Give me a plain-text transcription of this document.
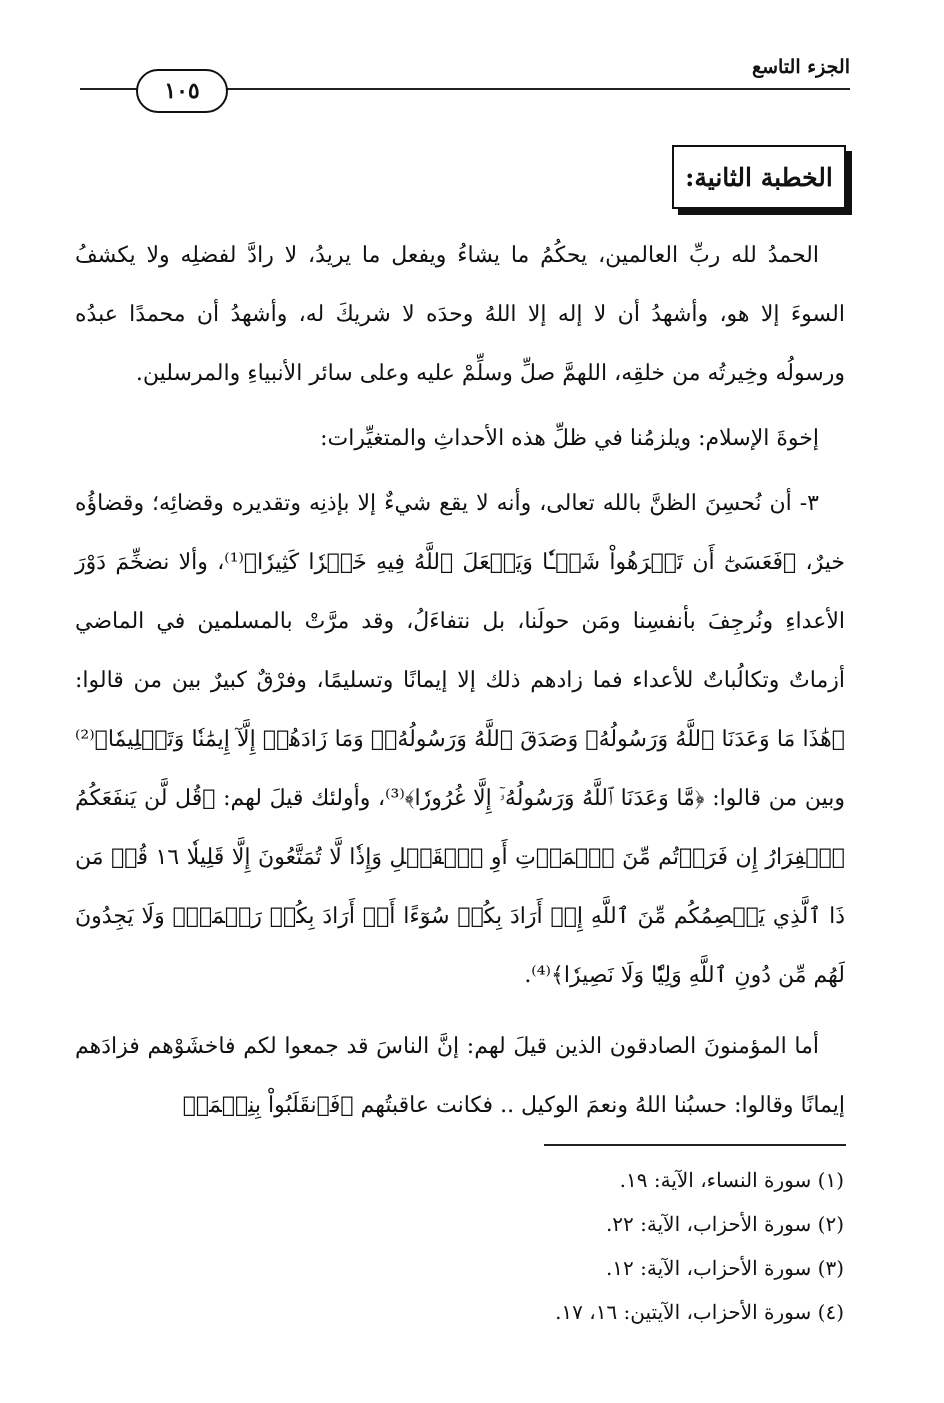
الجزء التاسع
١٠٥
الخطبة الثانية:

الحمدُ لله ربِّ العالمين، يحكُمُ ما يشاءُ ويفعل ما يريدُ، لا رادَّ لفضلِه ولا يكشفُ السوءَ إلا هو، وأشهدُ أن لا إله إلا اللهُ وحدَه لا شريكَ له، وأشهدُ أن محمدًا عبدُه ورسولُه وخِيرتُه من خلقِه، اللهمَّ صلِّ وسلِّمْ عليه وعلى سائر الأنبياءِ والمرسلين.

إخوةَ الإسلام: ويلزمُنا في ظلِّ هذه الأحداثِ والمتغيِّرات:

٣- أن نُحسِنَ الظنَّ بالله تعالى، وأنه لا يقع شيءٌ إلا بإذنِه وتقديره وقضائِه؛ وقضاؤُه خيرٌ، ﴿فَعَسَىٰٓ أَن تَكۡرَهُواْ شَيۡـٔٗا وَيَجۡعَلَ ٱللَّهُ فِيهِ خَيۡرٗا كَثِيرٗا﴾⁽¹⁾، وألا نضخِّمَ دَوْرَ الأعداءِ ونُرجِفَ بأنفسِنا ومَن حولَنا، بل نتفاءَلُ، وقد مرَّتْ بالمسلمين في الماضي أزماتٌ وتكالُباتٌ للأعداء فما زادهم ذلك إلا إيمانًا وتسليمًا، وفرْقٌ كبيرٌ بين من قالوا: ﴿هَٰذَا مَا وَعَدَنَا ٱللَّهُ وَرَسُولُهُۥ وَصَدَقَ ٱللَّهُ وَرَسُولُهُۥۚ وَمَا زَادَهُمۡ إِلَّآ إِيمَٰنٗا وَتَسۡلِيمٗا﴾⁽²⁾ وبين من قالوا: ﴿مَّا وَعَدَنَا ٱللَّهُ وَرَسُولُهُۥٓ إِلَّا غُرُورٗا﴾⁽³⁾، وأولئك قيلَ لهم: ﴿قُل لَّن يَنفَعَكُمُ ٱلۡفِرَارُ إِن فَرَرۡتُم مِّنَ ٱلۡمَوۡتِ أَوِ ٱلۡقَتۡلِ وَإِذٗا لَّا تُمَتَّعُونَ إِلَّا قَلِيلٗا ١٦ قُلۡ مَن ذَا ٱلَّذِي يَعۡصِمُكُم مِّنَ ٱللَّهِ إِنۡ أَرَادَ بِكُمۡ سُوٓءًا أَوۡ أَرَادَ بِكُمۡ رَحۡمَةٗۚ وَلَا يَجِدُونَ لَهُم مِّن دُونِ ٱللَّهِ وَلِيّٗا وَلَا نَصِيرٗا﴾⁽⁴⁾.

أما المؤمنونَ الصادقون الذين قيلَ لهم: إنَّ الناسَ قد جمعوا لكم فاخشَوْهم فزادَهم إيمانًا وقالوا: حسبُنا اللهُ ونعمَ الوكيل .. فكانت عاقبتُهم ﴿فَٱنقَلَبُواْ بِنِعۡمَةٖ

(١) سورة النساء، الآية: ١٩.
(٢) سورة الأحزاب، الآية: ٢٢.
(٣) سورة الأحزاب، الآية: ١٢.
(٤) سورة الأحزاب، الآيتين: ١٦، ١٧.
